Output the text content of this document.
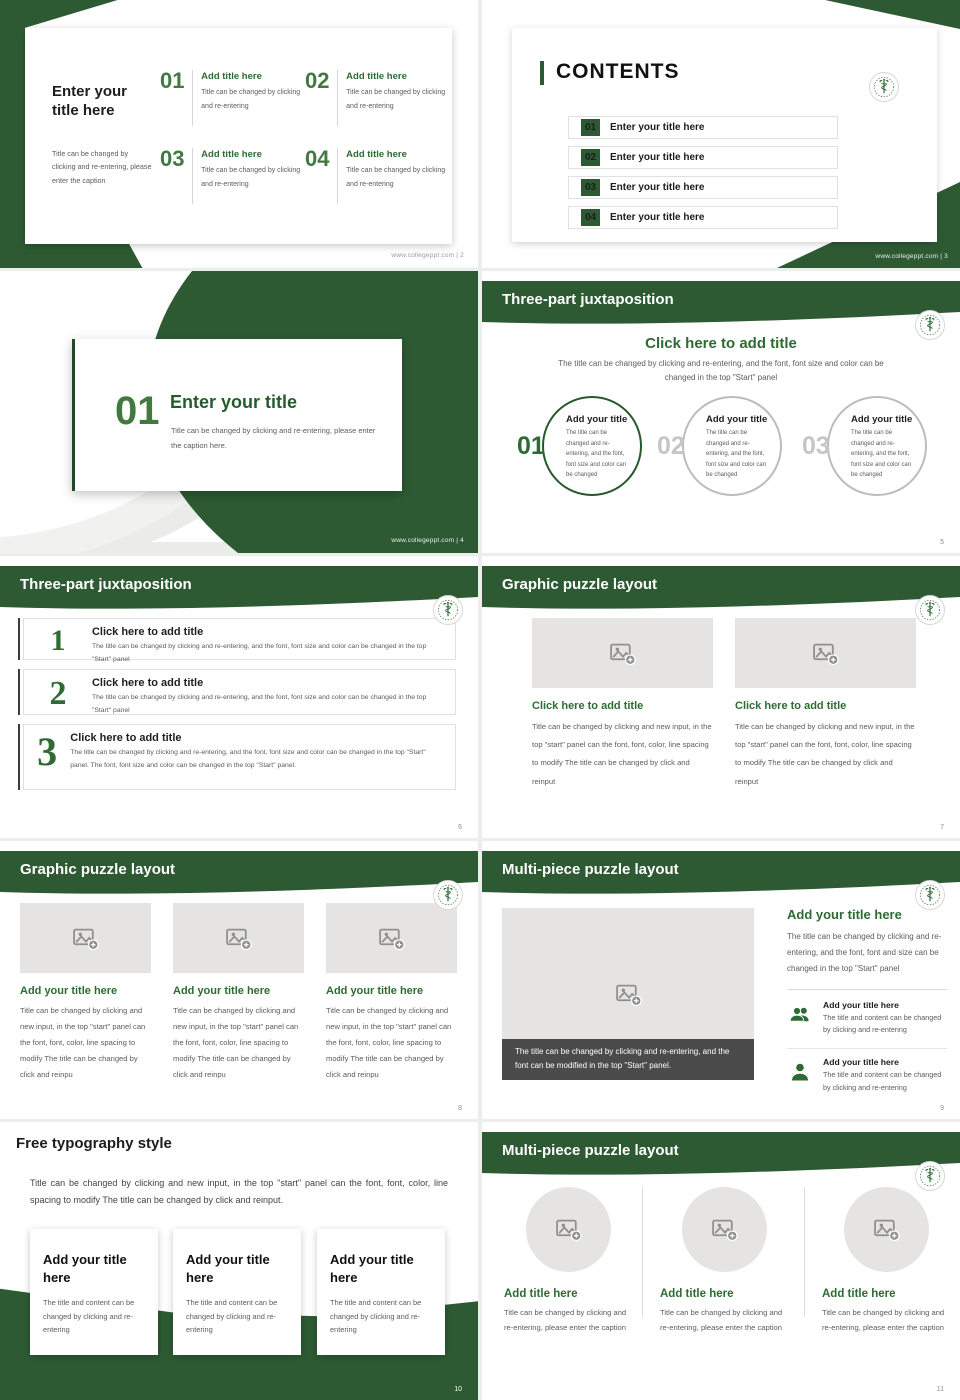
Enter your title here

Title can be changed by clicking and re-entering, please enter the caption

01 Add title here

Title can be changed by clicking and re-entering

02 Add title here

Title can be changed by clicking and re-entering

03 Add title here

Title can be changed by clicking and re-entering

04 Add title here

Title can be changed by clicking and re-entering

www.collegeppt.com | 2
CONTENTS
01	Enter your title here
02	Enter your title here
03	Enter your title here
04	Enter your title here
www.collegeppt.com | 3
01 Enter your title

Title can be changed by clicking and re-entering, please enter the caption here.

www.collegeppt.com | 4
Three-part juxtaposition
Click here to add title

The title can be changed by clicking and re-entering, and the font, font size and color can be changed in the top "Start" panel

01
Add your title

The title can be changed and re-entering, and the font, font size and color can be changed

02
Add your title

The title can be changed and re-entering, and the font, font size and color can be changed

03
Add your title

The title can be changed and re-entering, and the font, font size and color can be changed

5
Three-part juxtaposition
1	Click here to add title

The title can be changed by clicking and re-entering, and the font, font size and color can be changed in the top "Start" panel

2	Click here to add title

The title can be changed by clicking and re-entering, and the font, font size and color can be changed in the top "Start" panel

3	Click here to add title

The title can be changed by clicking and re-entering, and the font, font size and color can be changed in the top "Start" panel. The font, font size and color can be changed in the top "Start" panel.

6
Graphic puzzle layout
Click here to add title

Title can be changed by clicking and new input, in the top "start" panel can the font, font, color, line spacing to modify The title can be changed by click and reinput

Click here to add title

Title can be changed by clicking and new input, in the top "start" panel can the font, font, color, line spacing to modify The title can be changed by click and reinput

7
Graphic puzzle layout
Add your title here

Title can be changed by clicking and new input, in the top "start" panel can the font, font, color, line spacing to modify The title can be changed by click and reinpu

Add your title here

Title can be changed by clicking and new input, in the top "start" panel can the font, font, color, line spacing to modify The title can be changed by click and reinpu

Add your title here

Title can be changed by clicking and new input, in the top "start" panel can the font, font, color, line spacing to modify The title can be changed by click and reinpu

8
Multi-piece puzzle layout
The title can be changed by clicking and re-entering, and the font can be modified in the top "Start" panel.
Add your title here

The title can be changed by clicking and re-entering, and the font, font and size can be changed in the top "Start" panel

Add your title here

The title and content can be changed by clicking and re-entering

Add your title here

The title and content can be changed by clicking and re-entering

9
Free typography style

Title can be changed by clicking and new input, in the top "start" panel can the font, font, color, line spacing to modify The title can be changed by click and reinput.

Add your title here

The title and content can be changed by clicking and re-entering

Add your title here

The title and content can be changed by clicking and re-entering

Add your title here

The title and content can be changed by clicking and re-entering

10
Multi-piece puzzle layout
Add title here

Title can be changed by clicking and re-entering, please enter the caption

Add title here

Title can be changed by clicking and re-entering, please enter the caption

Add title here

Title can be changed by clicking and re-entering, please enter the caption

11
